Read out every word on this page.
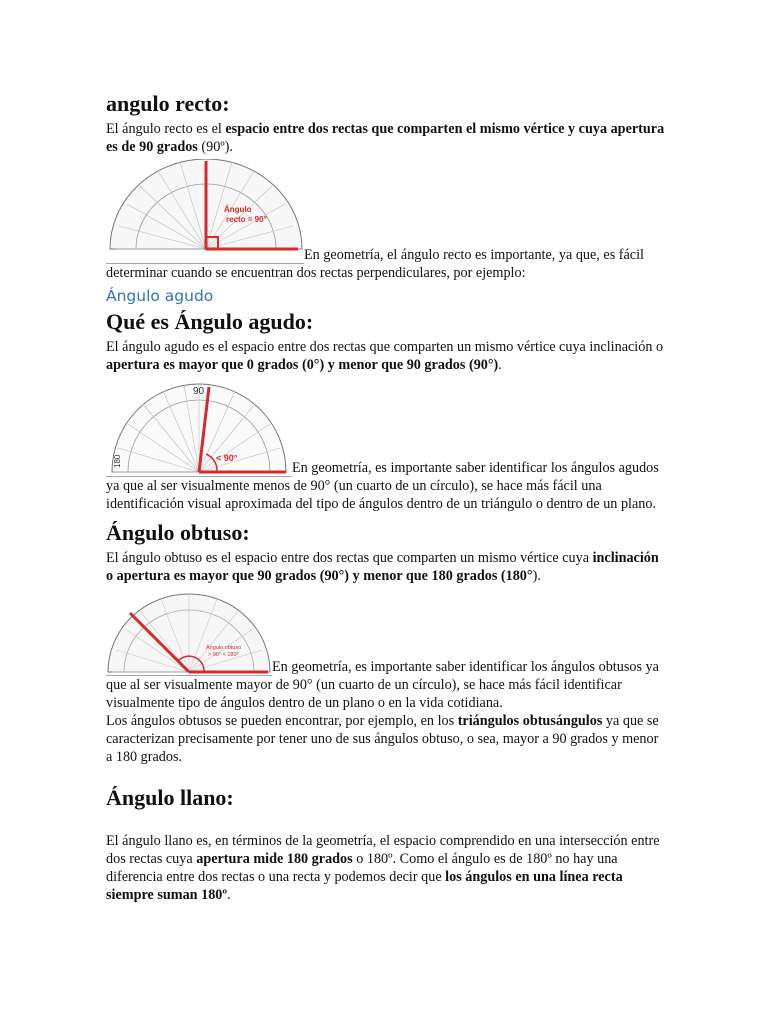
angulo recto:

El ángulo recto es el espacio entre dos rectas que comparten el mismo vértice y cuya apertura es de 90 grados (90º).

Ángulo
recto = 90°
En geometría, el ángulo recto es importante, ya que, es fácil determinar cuando se encuentran dos rectas perpendiculares, por ejemplo:
Ángulo agudo
Qué es Ángulo agudo:

El ángulo agudo es el espacio entre dos rectas que comparten un mismo vértice cuya inclinación o apertura es mayor que 0 grados (0°) y menor que 90 grados (90°).

90
180	< 90°
En geometría, es importante saber identificar los ángulos agudos ya que al ser visualmente menos de 90° (un cuarto de un círculo), se hace más fácil una identificación visual aproximada del tipo de ángulos dentro de un triángulo o dentro de un plano.
Ángulo obtuso:

El ángulo obtuso es el espacio entre dos rectas que comparten un mismo vértice cuya inclinación o apertura es mayor que 90 grados (90°) y menor que 180 grados (180°).

Ángulo obtuso
> 90° < 180°
En geometría, es importante saber identificar los ángulos obtusos ya que al ser visualmente mayor de 90° (un cuarto de un círculo), se hace más fácil identificar visualmente tipo de ángulos dentro de un plano o en la vida cotidiana.

Los ángulos obtusos se pueden encontrar, por ejemplo, en los triángulos obtusángulos ya que se caracterizan precisamente por tener uno de sus ángulos obtuso, o sea, mayor a 90 grados y menor a 180 grados.

Ángulo llano:

El ángulo llano es, en términos de la geometría, el espacio comprendido en una intersección entre dos rectas cuya apertura mide 180 grados o 180º. Como el ángulo es de 180º no hay una diferencia entre dos rectas o una recta y podemos decir que los ángulos en una línea recta siempre suman 180º.
